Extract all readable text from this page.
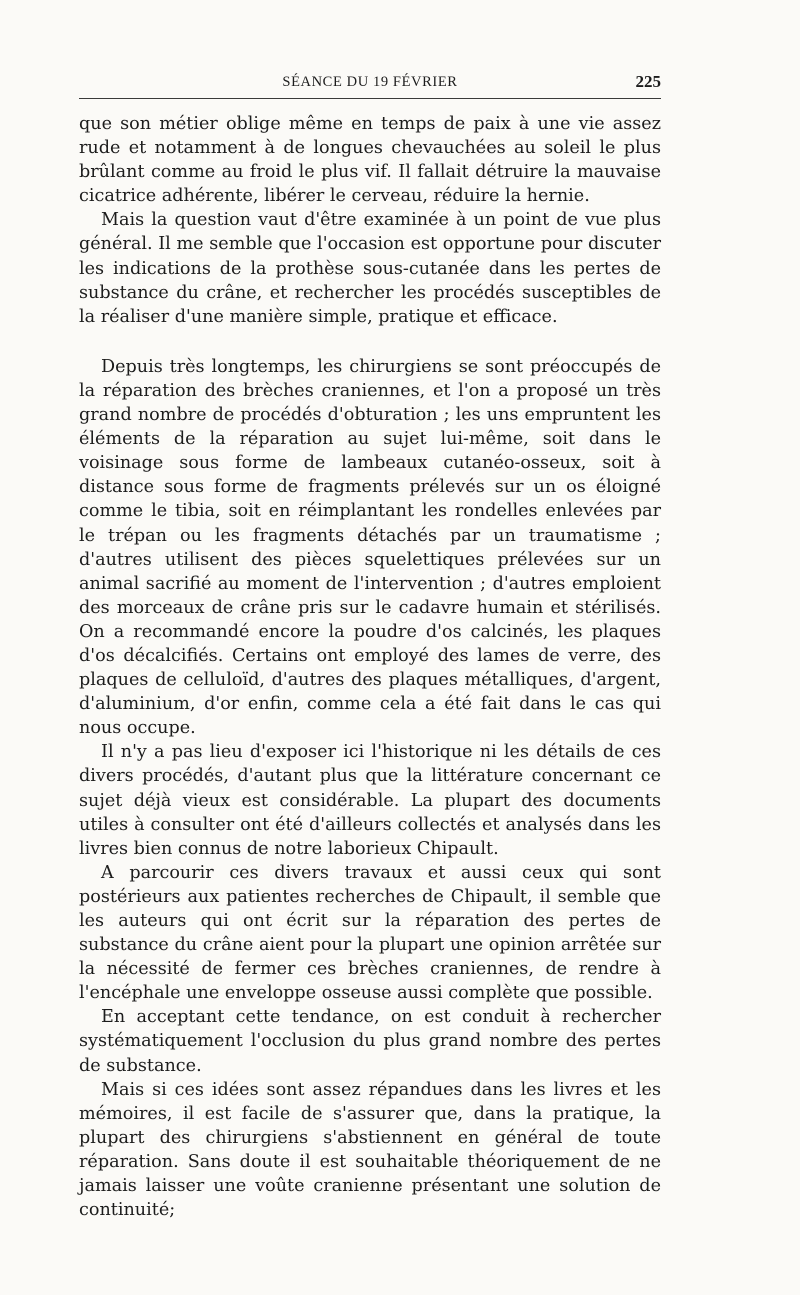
SÉANCE DU 19 FÉVRIER	225

que son métier oblige même en temps de paix à une vie assez rude et notamment à de longues chevauchées au soleil le plus brûlant comme au froid le plus vif. Il fallait détruire la mauvaise cicatrice adhérente, libérer le cerveau, réduire la hernie.

Mais la question vaut d'être examinée à un point de vue plus général. Il me semble que l'occasion est opportune pour discuter les indications de la prothèse sous-cutanée dans les pertes de substance du crâne, et rechercher les procédés susceptibles de la réaliser d'une manière simple, pratique et efficace.

Depuis très longtemps, les chirurgiens se sont préoccupés de la réparation des brèches craniennes, et l'on a proposé un très grand nombre de procédés d'obturation ; les uns empruntent les éléments de la réparation au sujet lui-même, soit dans le voisinage sous forme de lambeaux cutanéo-osseux, soit à distance sous forme de fragments prélevés sur un os éloigné comme le tibia, soit en réimplantant les rondelles enlevées par le trépan ou les fragments détachés par un traumatisme ; d'autres utilisent des pièces squelettiques prélevées sur un animal sacrifié au moment de l'intervention ; d'autres emploient des morceaux de crâne pris sur le cadavre humain et stérilisés. On a recommandé encore la poudre d'os calcinés, les plaques d'os décalcifiés. Certains ont employé des lames de verre, des plaques de celluloïd, d'autres des plaques métalliques, d'argent, d'aluminium, d'or enfin, comme cela a été fait dans le cas qui nous occupe.

Il n'y a pas lieu d'exposer ici l'historique ni les détails de ces divers procédés, d'autant plus que la littérature concernant ce sujet déjà vieux est considérable. La plupart des documents utiles à consulter ont été d'ailleurs collectés et analysés dans les livres bien connus de notre laborieux Chipault.

A parcourir ces divers travaux et aussi ceux qui sont postérieurs aux patientes recherches de Chipault, il semble que les auteurs qui ont écrit sur la réparation des pertes de substance du crâne aient pour la plupart une opinion arrêtée sur la nécessité de fermer ces brèches craniennes, de rendre à l'encéphale une enveloppe osseuse aussi complète que possible.

En acceptant cette tendance, on est conduit à rechercher systématiquement l'occlusion du plus grand nombre des pertes de substance.

Mais si ces idées sont assez répandues dans les livres et les mémoires, il est facile de s'assurer que, dans la pratique, la plupart des chirurgiens s'abstiennent en général de toute réparation. Sans doute il est souhaitable théoriquement de ne jamais laisser une voûte cranienne présentant une solution de continuité;
